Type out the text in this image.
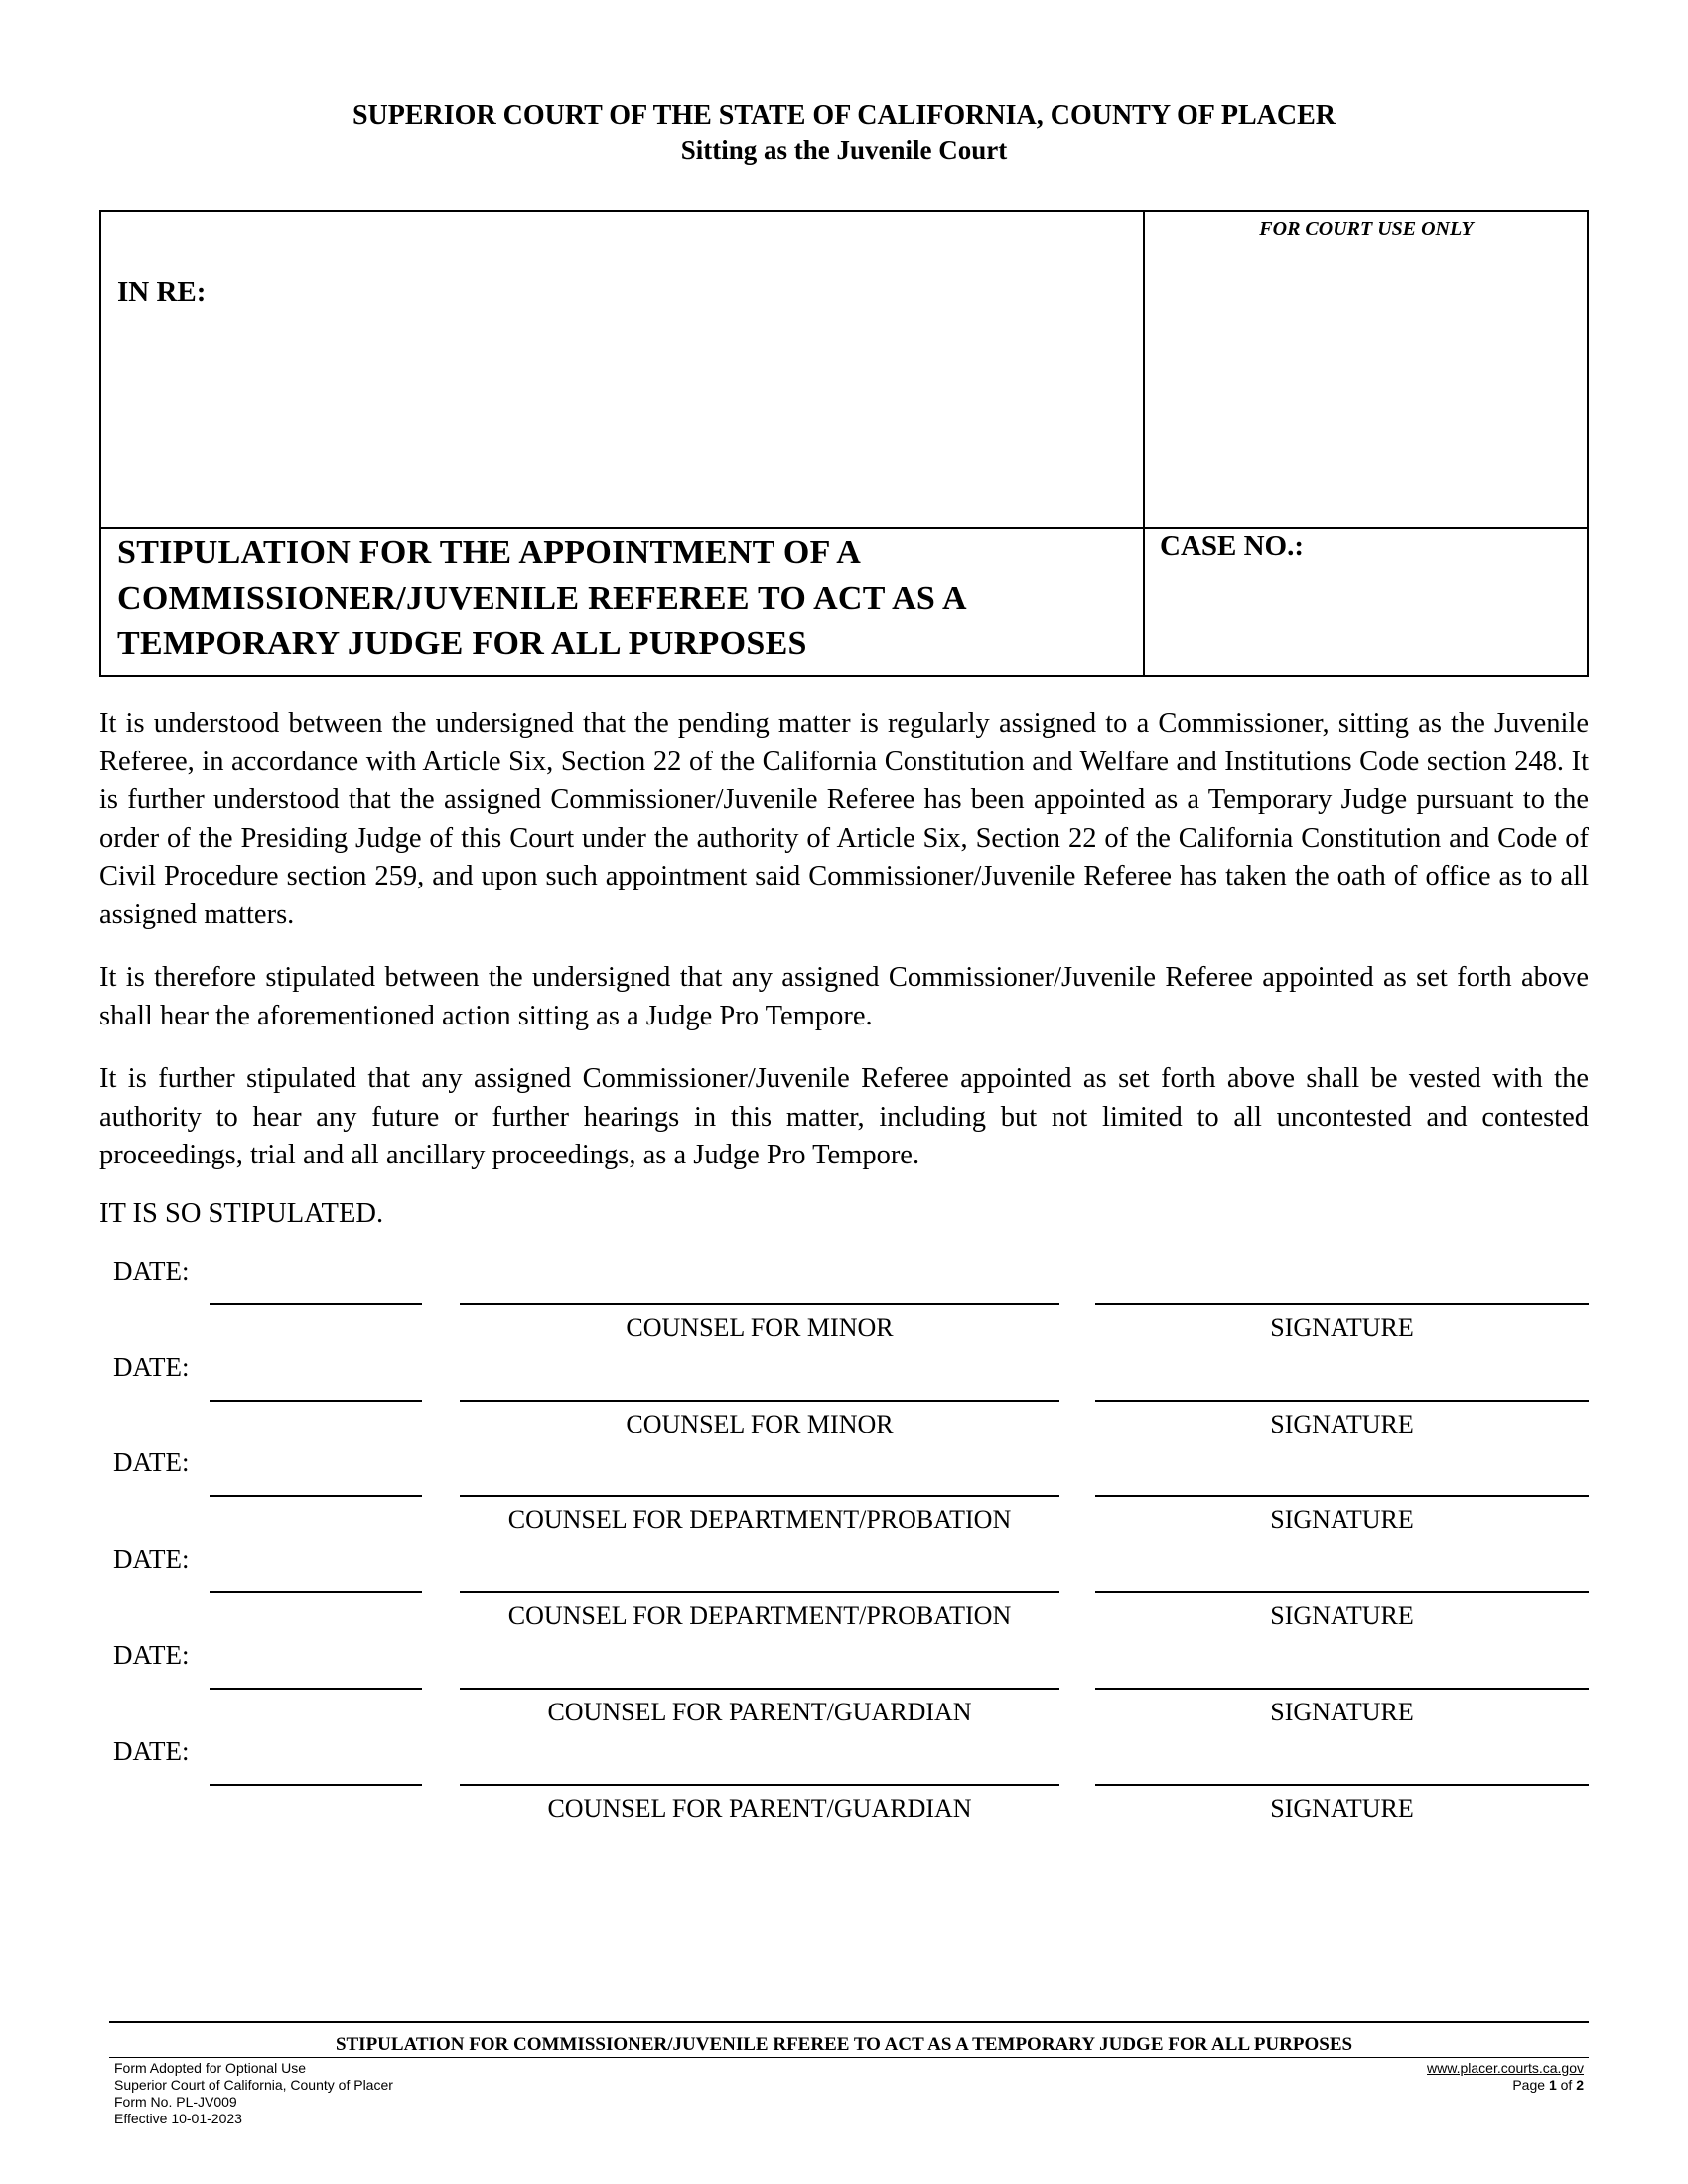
SUPERIOR COURT OF THE STATE OF CALIFORNIA, COUNTY OF PLACER
Sitting as the Juvenile Court
FOR COURT USE ONLY
IN RE:
STIPULATION FOR THE APPOINTMENT OF A
COMMISSIONER/JUVENILE REFEREE TO ACT AS A
TEMPORARY JUDGE FOR ALL PURPOSES
CASE NO.:

It is understood between the undersigned that the pending matter is regularly assigned to a Commissioner, sitting as the Juvenile Referee, in accordance with Article Six, Section 22 of the California Constitution and Welfare and Institutions Code section 248. It is further understood that the assigned Commissioner/Juvenile Referee has been appointed as a Temporary Judge pursuant to the order of the Presiding Judge of this Court under the authority of Article Six, Section 22 of the California Constitution and Code of Civil Procedure section 259, and upon such appointment said Commissioner/Juvenile Referee has taken the oath of office as to all assigned matters.

It is therefore stipulated between the undersigned that any assigned Commissioner/Juvenile Referee appointed as set forth above shall hear the aforementioned action sitting as a Judge Pro Tempore.

It is further stipulated that any assigned Commissioner/Juvenile Referee appointed as set forth above shall be vested with the authority to hear any future or further hearings in this matter, including but not limited to all uncontested and contested proceedings, trial and all ancillary proceedings, as a Judge Pro Tempore.

IT IS SO STIPULATED.
DATE:
COUNSEL FOR MINOR	SIGNATURE
DATE:
COUNSEL FOR MINOR	SIGNATURE
DATE:
COUNSEL FOR DEPARTMENT/PROBATION	SIGNATURE
DATE:
COUNSEL FOR DEPARTMENT/PROBATION	SIGNATURE
DATE:
COUNSEL FOR PARENT/GUARDIAN	SIGNATURE
DATE:
COUNSEL FOR PARENT/GUARDIAN	SIGNATURE
STIPULATION FOR COMMISSIONER/JUVENILE RFEREE TO ACT AS A TEMPORARY JUDGE FOR ALL PURPOSES
Form Adopted for Optional Use
Superior Court of California, County of Placer
Form No. PL-JV009
Effective 10-01-2023
www.placer.courts.ca.gov
Page 1 of 2
